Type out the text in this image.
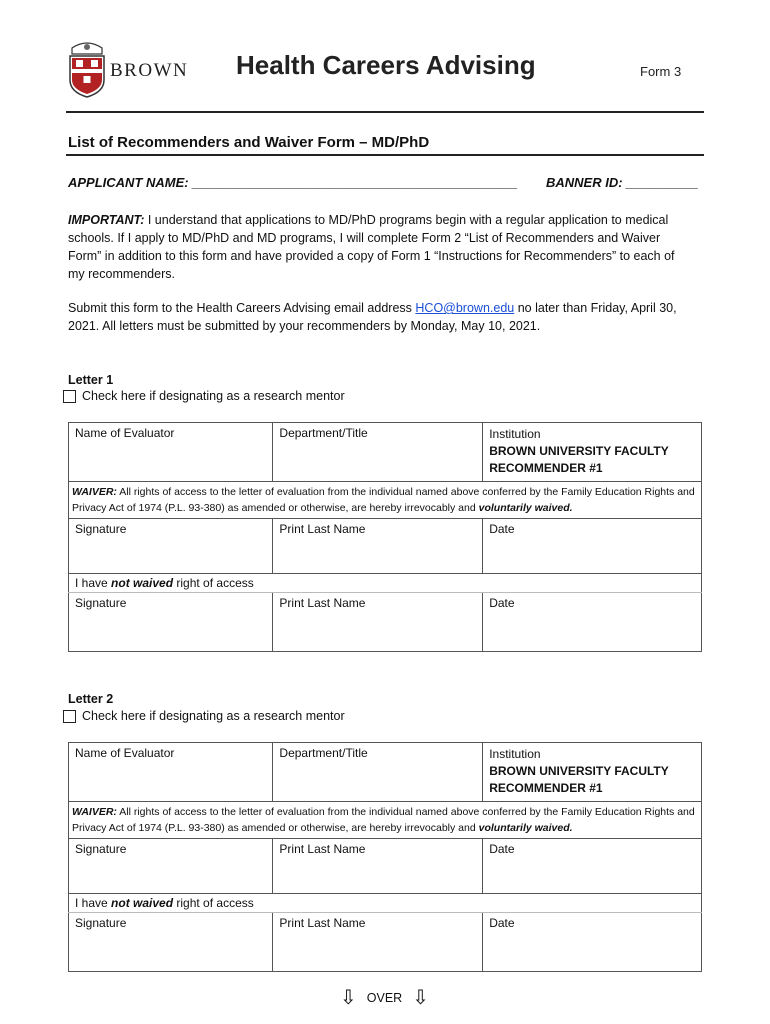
BROWN Health Careers Advising	Form 3
List of Recommenders and Waiver Form – MD/PhD
APPLICANT NAME: _____________________________________________ BANNER ID: __________
IMPORTANT: I understand that applications to MD/PhD programs begin with a regular application to medical schools. If I apply to MD/PhD and MD programs, I will complete Form 2 “List of Recommenders and Waiver Form” in addition to this form and have provided a copy of Form 1 “Instructions for Recommenders” to each of my recommenders.
Submit this form to the Health Careers Advising email address HCO@brown.edu no later than Friday, April 30, 2021. All letters must be submitted by your recommenders by Monday, May 10, 2021.
Letter 1
Check here if designating as a research mentor
Name of Evaluator	Department/Title	Institution
BROWN UNIVERSITY FACULTY RECOMMENDER #1

WAIVER: All rights of access to the letter of evaluation from the individual named above conferred by the Family Education Rights and Privacy Act of 1974 (P.L. 93-380) as amended or otherwise, are hereby irrevocably and voluntarily waived.		
Signature	Print Last Name	Date
I have not waived right of access		
Signature	Print Last Name	Date
Letter 2
Check here if designating as a research mentor
Name of Evaluator	Department/Title	Institution
BROWN UNIVERSITY FACULTY RECOMMENDER #1

WAIVER: All rights of access to the letter of evaluation from the individual named above conferred by the Family Education Rights and Privacy Act of 1974 (P.L. 93-380) as amended or otherwise, are hereby irrevocably and voluntarily waived.		
Signature	Print Last Name	Date
I have not waived right of access		
Signature	Print Last Name	Date
⇩ OVER ⇩
